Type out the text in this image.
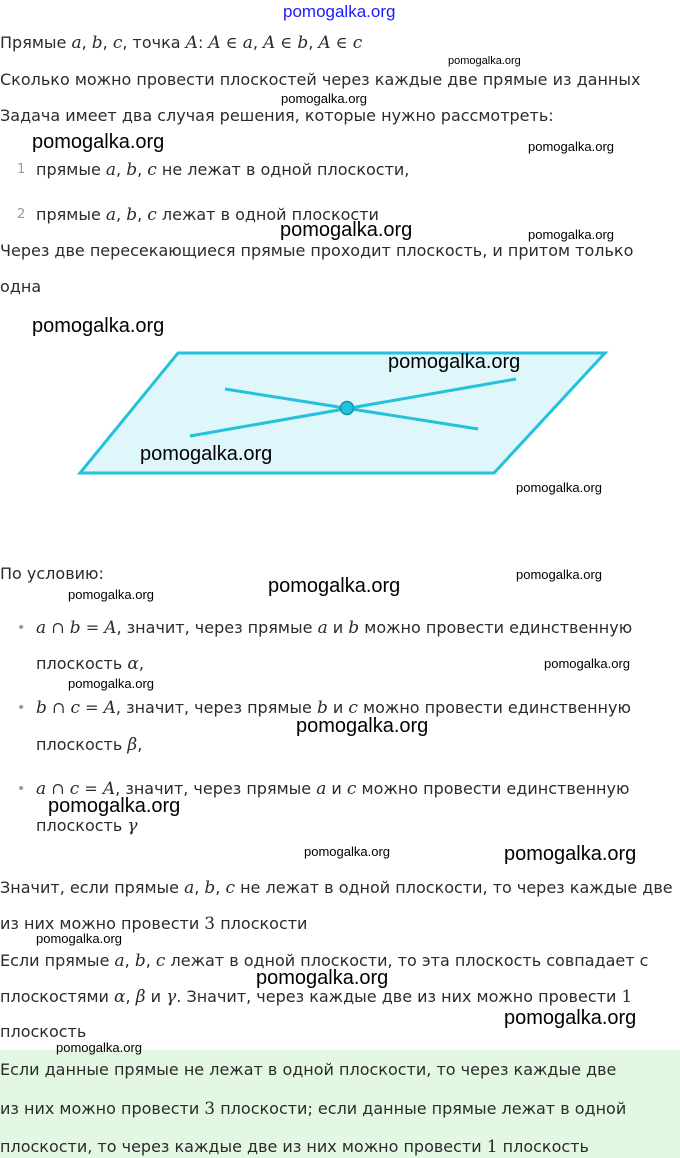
pomogalka.org
Прямые a, b, c, точка A: A ∈ a, A ∈ b, A ∈ c
pomogalka.org
Сколько можно провести плоскостей через каждые две прямые из данных
pomogalka.org
Задача имеет два случая решения, которые нужно рассмотреть:
pomogalka.org	pomogalka.org
1 прямые a, b, c не лежат в одной плоскости,
2 прямые a, b, c лежат в одной плоскости
pomogalka.org	pomogalka.org
Через две пересекающиеся прямые проходит плоскость, и притом только
одна
pomogalka.org
pomogalka.org
pomogalka.org
pomogalka.org
По условию:	pomogalka.org
pomogalka.org
pomogalka.org
• a ∩ b = A, значит, через прямые a и b можно провести единственную
плоскость α,	pomogalka.org
pomogalka.org
• b ∩ c = A, значит, через прямые b и c можно провести единственную
pomogalka.org
плоскость β,
• a ∩ c = A, значит, через прямые a и c можно провести единственную
pomogalka.org
плоскость γ
pomogalka.org	pomogalka.org
Значит, если прямые a, b, c не лежат в одной плоскости, то через каждые две
из них можно провести 3 плоскости
pomogalka.org
Если прямые a, b, c лежат в одной плоскости, то эта плоскость совпадает с
pomogalka.org
плоскостями α, β и γ. Значит, через каждые две из них можно провести 1
pomogalka.org
плоскость
Если данные прямые не лежат в одной плоскости, то через каждые две
из них можно провести 3 плоскости; если данные прямые лежат в одной
плоскости, то через каждые две из них можно провести 1 плоскость
pomogalka.org
